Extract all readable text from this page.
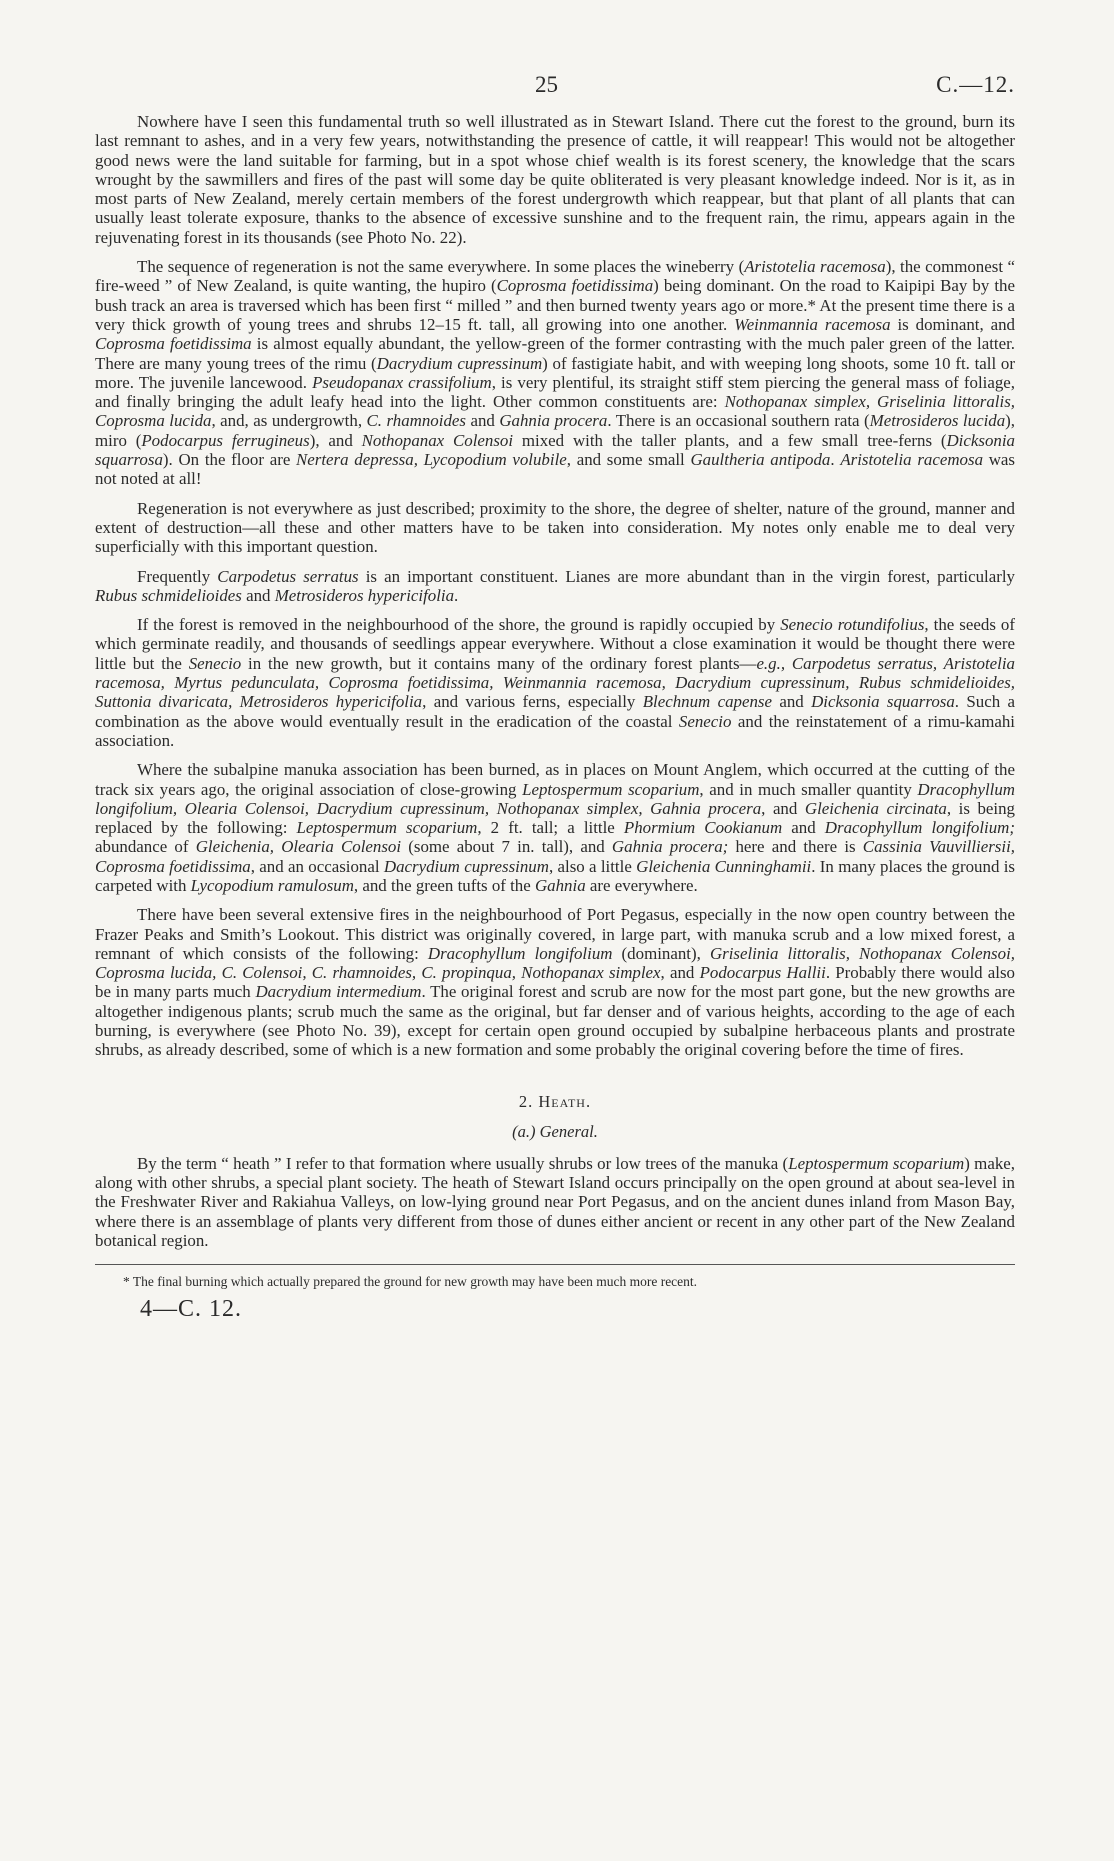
25	C.—12.

Nowhere have I seen this fundamental truth so well illustrated as in Stewart Island. There cut the forest to the ground, burn its last remnant to ashes, and in a very few years, notwithstanding the presence of cattle, it will reappear! This would not be altogether good news were the land suitable for farming, but in a spot whose chief wealth is its forest scenery, the knowledge that the scars wrought by the sawmillers and fires of the past will some day be quite obliterated is very pleasant knowledge indeed. Nor is it, as in most parts of New Zealand, merely certain members of the forest undergrowth which reappear, but that plant of all plants that can usually least tolerate exposure, thanks to the absence of excessive sunshine and to the frequent rain, the rimu, appears again in the rejuvenating forest in its thousands (see Photo No. 22).

The sequence of regeneration is not the same everywhere. In some places the wineberry (Aristotelia racemosa), the commonest “ fire-weed ” of New Zealand, is quite wanting, the hupiro (Coprosma foetidissima) being dominant. On the road to Kaipipi Bay by the bush track an area is traversed which has been first “ milled ” and then burned twenty years ago or more.* At the present time there is a very thick growth of young trees and shrubs 12–15 ft. tall, all growing into one another. Weinmannia racemosa is dominant, and Coprosma foetidissima is almost equally abundant, the yellow-green of the former contrasting with the much paler green of the latter. There are many young trees of the rimu (Dacrydium cupressinum) of fastigiate habit, and with weeping long shoots, some 10 ft. tall or more. The juvenile lancewood. Pseudopanax crassifolium, is very plentiful, its straight stiff stem piercing the general mass of foliage, and finally bringing the adult leafy head into the light. Other common constituents are: Nothopanax simplex, Griselinia littoralis, Coprosma lucida, and, as undergrowth, C. rhamnoides and Gahnia procera. There is an occasional southern rata (Metrosideros lucida), miro (Podocarpus ferrugineus), and Nothopanax Colensoi mixed with the taller plants, and a few small tree-ferns (Dicksonia squarrosa). On the floor are Nertera depressa, Lycopodium volubile, and some small Gaultheria antipoda. Aristotelia racemosa was not noted at all!

Regeneration is not everywhere as just described; proximity to the shore, the degree of shelter, nature of the ground, manner and extent of destruction—all these and other matters have to be taken into consideration. My notes only enable me to deal very superficially with this important question.

Frequently Carpodetus serratus is an important constituent. Lianes are more abundant than in the virgin forest, particularly Rubus schmidelioides and Metrosideros hypericifolia.

If the forest is removed in the neighbourhood of the shore, the ground is rapidly occupied by Senecio rotundifolius, the seeds of which germinate readily, and thousands of seedlings appear everywhere. Without a close examination it would be thought there were little but the Senecio in the new growth, but it contains many of the ordinary forest plants—e.g., Carpodetus serratus, Aristotelia racemosa, Myrtus pedunculata, Coprosma foetidissima, Weinmannia racemosa, Dacrydium cupressinum, Rubus schmidelioides, Suttonia divaricata, Metrosideros hypericifolia, and various ferns, especially Blechnum capense and Dicksonia squarrosa. Such a combination as the above would eventually result in the eradication of the coastal Senecio and the reinstatement of a rimu-kamahi association.

Where the subalpine manuka association has been burned, as in places on Mount Anglem, which occurred at the cutting of the track six years ago, the original association of close-growing Leptospermum scoparium, and in much smaller quantity Dracophyllum longifolium, Olearia Colensoi, Dacrydium cupressinum, Nothopanax simplex, Gahnia procera, and Gleichenia circinata, is being replaced by the following: Leptospermum scoparium, 2 ft. tall; a little Phormium Cookianum and Dracophyllum longifolium; abundance of Gleichenia, Olearia Colensoi (some about 7 in. tall), and Gahnia procera; here and there is Cassinia Vauvilliersii, Coprosma foetidissima, and an occasional Dacrydium cupressinum, also a little Gleichenia Cunninghamii. In many places the ground is carpeted with Lycopodium ramulosum, and the green tufts of the Gahnia are everywhere.

There have been several extensive fires in the neighbourhood of Port Pegasus, especially in the now open country between the Frazer Peaks and Smith’s Lookout. This district was originally covered, in large part, with manuka scrub and a low mixed forest, a remnant of which consists of the following: Dracophyllum longifolium (dominant), Griselinia littoralis, Nothopanax Colensoi, Coprosma lucida, C. Colensoi, C. rhamnoides, C. propinqua, Nothopanax simplex, and Podocarpus Hallii. Probably there would also be in many parts much Dacrydium intermedium. The original forest and scrub are now for the most part gone, but the new growths are altogether indigenous plants; scrub much the same as the original, but far denser and of various heights, according to the age of each burning, is everywhere (see Photo No. 39), except for certain open ground occupied by subalpine herbaceous plants and prostrate shrubs, as already described, some of which is a new formation and some probably the original covering before the time of fires.

2. Heath.
(a.) General.

By the term “ heath ” I refer to that formation where usually shrubs or low trees of the manuka (Leptospermum scoparium) make, along with other shrubs, a special plant society. The heath of Stewart Island occurs principally on the open ground at about sea-level in the Freshwater River and Rakiahua Valleys, on low-lying ground near Port Pegasus, and on the ancient dunes inland from Mason Bay, where there is an assemblage of plants very different from those of dunes either ancient or recent in any other part of the New Zealand botanical region.

* The final burning which actually prepared the ground for new growth may have been much more recent.
4—C. 12.
